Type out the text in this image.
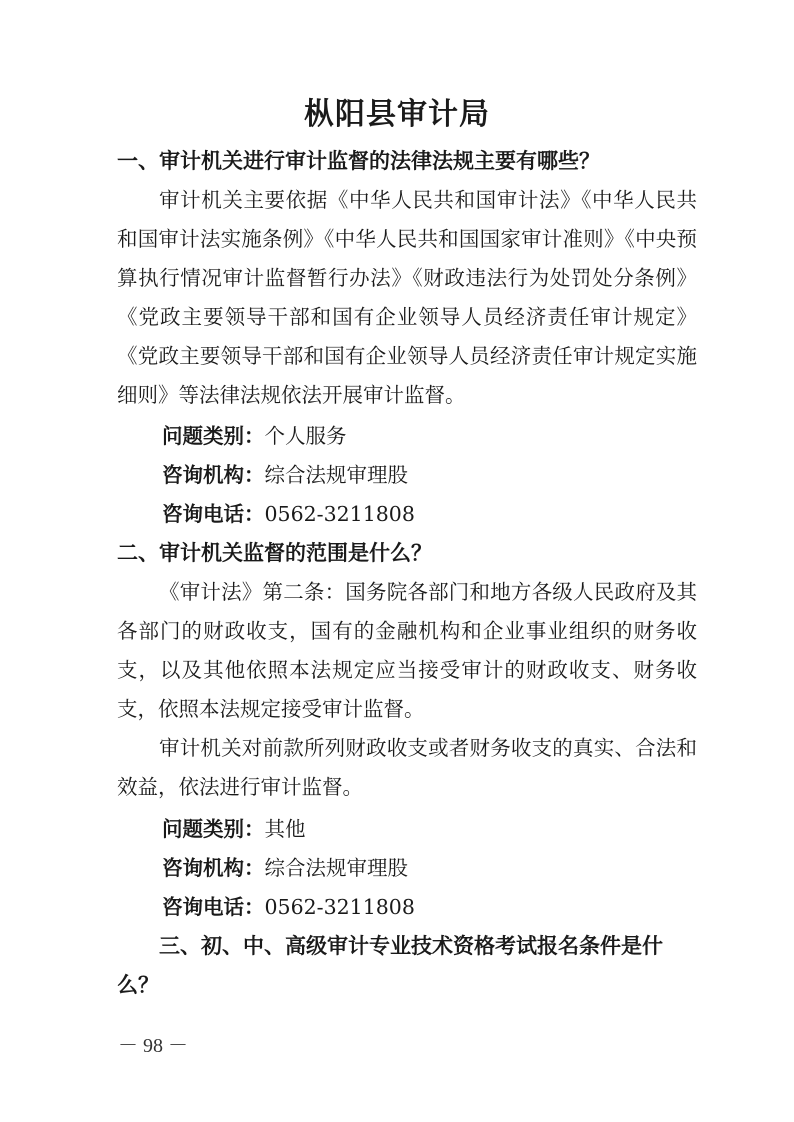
枞阳县审计局
一、审计机关进行审计监督的法律法规主要有哪些？
审计机关主要依据《中华人民共和国审计法》《中华人民共和国审计法实施条例》《中华人民共和国国家审计准则》《中央预算执行情况审计监督暂行办法》《财政违法行为处罚处分条例》《党政主要领导干部和国有企业领导人员经济责任审计规定》《党政主要领导干部和国有企业领导人员经济责任审计规定实施细则》等法律法规依法开展审计监督。
问题类别：个人服务
咨询机构：综合法规审理股
咨询电话：0562-3211808
二、审计机关监督的范围是什么？
《审计法》第二条：国务院各部门和地方各级人民政府及其各部门的财政收支，国有的金融机构和企业事业组织的财务收支，以及其他依照本法规定应当接受审计的财政收支、财务收支，依照本法规定接受审计监督。
审计机关对前款所列财政收支或者财务收支的真实、合法和效益，依法进行审计监督。
问题类别：其他
咨询机构：综合法规审理股
咨询电话：0562-3211808
三、初、中、高级审计专业技术资格考试报名条件是什么？
－ 98 －
